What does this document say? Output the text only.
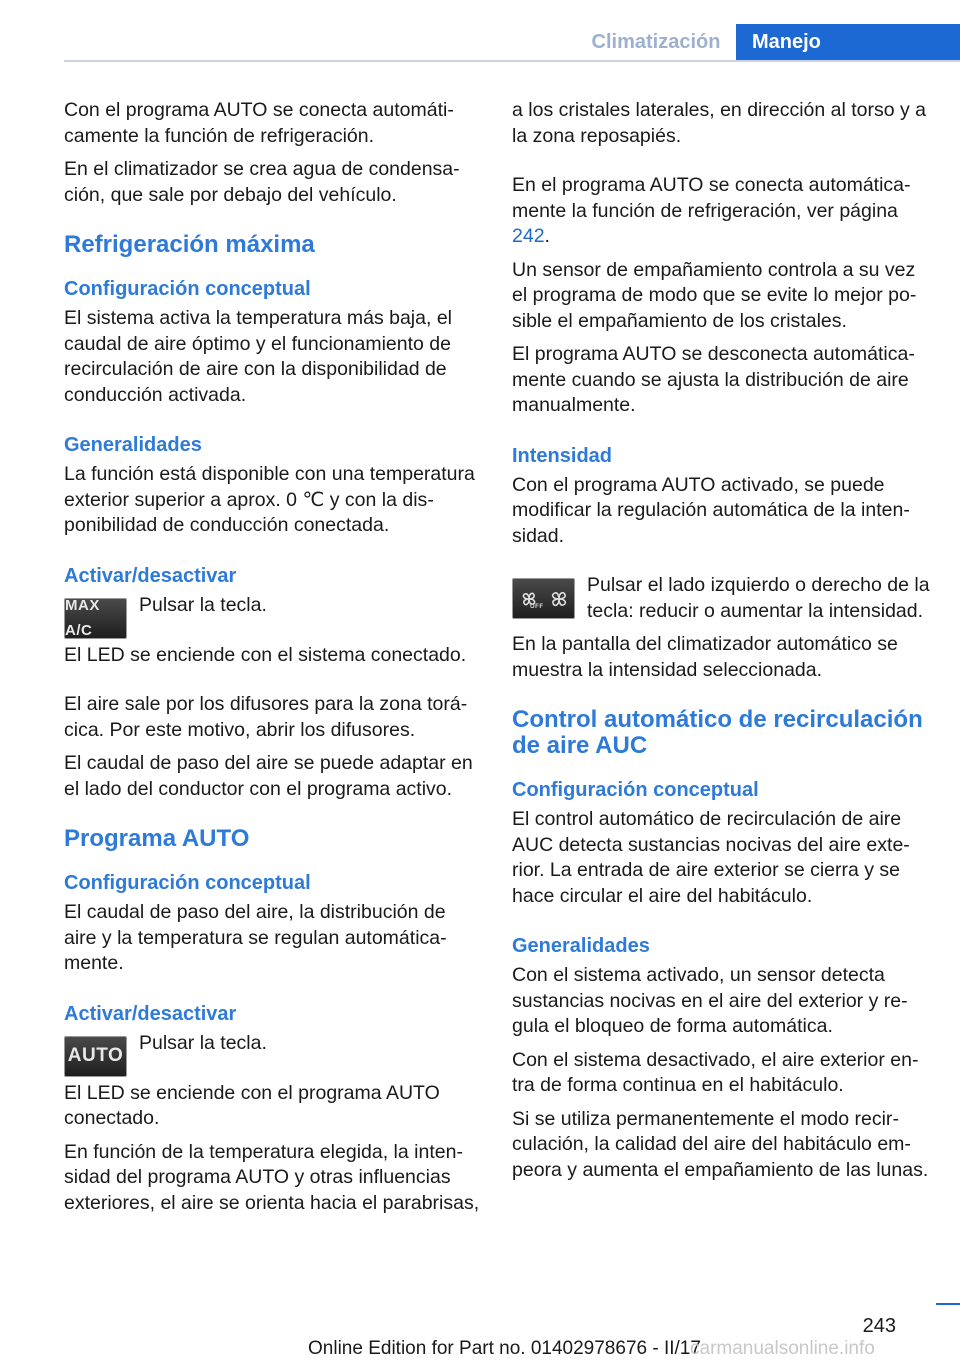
Climatización	Manejo

Con el programa AUTO se conecta automáticamente la función de refrigeración.

En el climatizador se crea agua de condensación, que sale por debajo del vehículo.

Refrigeración máxima
Configuración conceptual

El sistema activa la temperatura más baja, el caudal de aire óptimo y el funcionamiento de recirculación de aire con la disponibilidad de conducción activada.

Generalidades

La función está disponible con una temperatura exterior superior a aprox. 0 ℃ y con la disponibilidad de conducción conectada.

Activar/desactivar
MAX A/C

Pulsar la tecla.

El LED se enciende con el sistema conectado.

El aire sale por los difusores para la zona torácica. Por este motivo, abrir los difusores.

El caudal de paso del aire se puede adaptar en el lado del conductor con el programa activo.

Programa AUTO
Configuración conceptual

El caudal de paso del aire, la distribución de aire y la temperatura se regulan automáticamente.

Activar/desactivar
AUTO

Pulsar la tecla.

El LED se enciende con el programa AUTO conectado.

En función de la temperatura elegida, la intensidad del programa AUTO y otras influencias exteriores, el aire se orienta hacia el parabrisas,

a los cristales laterales, en dirección al torso y a la zona reposapiés.

En el programa AUTO se conecta automáticamente la función de refrigeración, ver página 242.

Un sensor de empañamiento controla a su vez el programa de modo que se evite lo mejor posible el empañamiento de los cristales.

El programa AUTO se desconecta automáticamente cuando se ajusta la distribución de aire manualmente.

Intensidad

Con el programa AUTO activado, se puede modificar la regulación automática de la intensidad.

OFF

Pulsar el lado izquierdo o derecho de la tecla: reducir o aumentar la intensidad.

En la pantalla del climatizador automático se muestra la intensidad seleccionada.

Control automático de recirculación de aire AUC
Configuración conceptual

El control automático de recirculación de aire AUC detecta sustancias nocivas del aire exterior. La entrada de aire exterior se cierra y se hace circular el aire del habitáculo.

Generalidades

Con el sistema activado, un sensor detecta sustancias nocivas en el aire del exterior y regula el bloqueo de forma automática.

Con el sistema desactivado, el aire exterior entra de forma continua en el habitáculo.

Si se utiliza permanentemente el modo recirculación, la calidad del aire del habitáculo empeora y aumenta el empañamiento de las lunas.

243
Online Edition for Part no. 01402978676 - II/17
carmanualsonline.info
